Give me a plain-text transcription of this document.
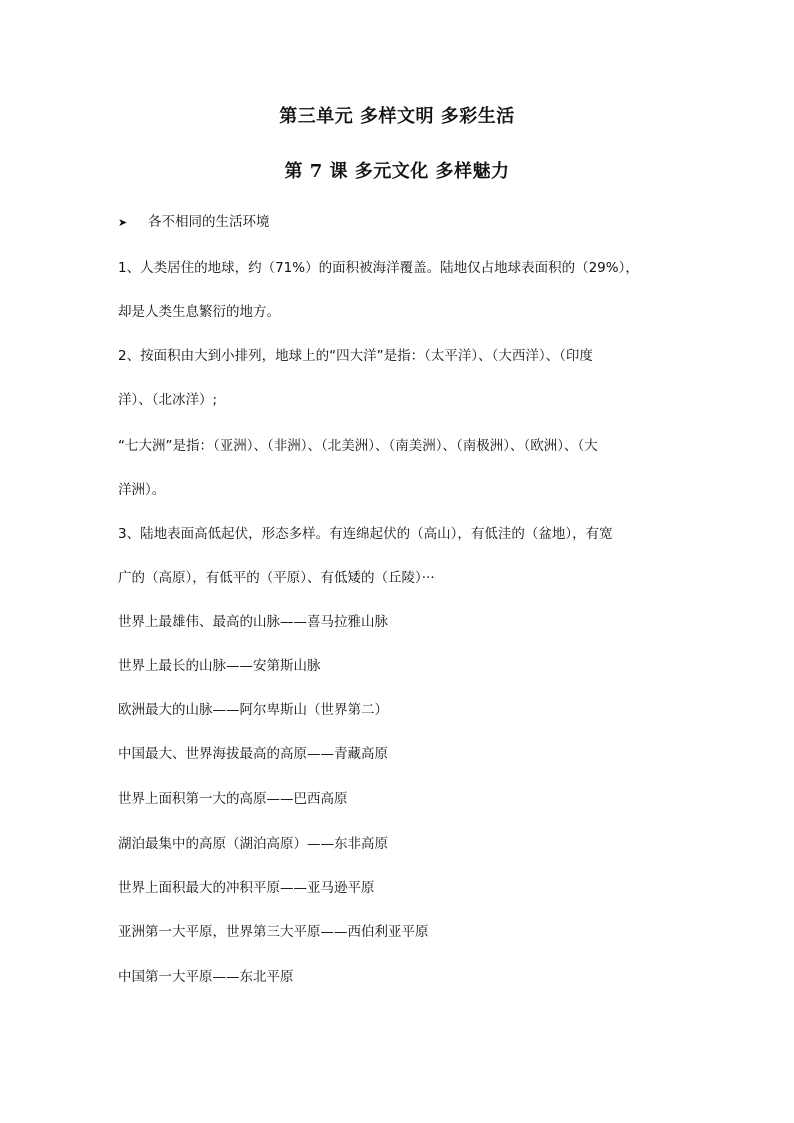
第三单元 多样文明 多彩生活
第 7 课 多元文化 多样魅力
➤ 各不相同的生活环境
1、人类居住的地球，约（71%）的面积被海洋覆盖。陆地仅占地球表面积的（29%），
却是人类生息繁衍的地方。
2、按面积由大到小排列，地球上的“四大洋”是指：（太平洋）、（大西洋）、（印度
洋）、（北冰洋）;
“七大洲”是指：（亚洲）、（非洲）、（北美洲）、（南美洲）、（南极洲）、（欧洲）、（大
洋洲）。
3、陆地表面高低起伏，形态多样。有连绵起伏的（高山），有低洼的（盆地），有宽
广的（高原），有低平的（平原）、有低矮的（丘陵）···
世界上最雄伟、最高的山脉——喜马拉雅山脉
世界上最长的山脉——安第斯山脉
欧洲最大的山脉——阿尔卑斯山（世界第二）
中国最大、世界海拔最高的高原——青藏高原
世界上面积第一大的高原——巴西高原
湖泊最集中的高原（湖泊高原）——东非高原
世界上面积最大的冲积平原——亚马逊平原
亚洲第一大平原，世界第三大平原——西伯利亚平原
中国第一大平原——东北平原
